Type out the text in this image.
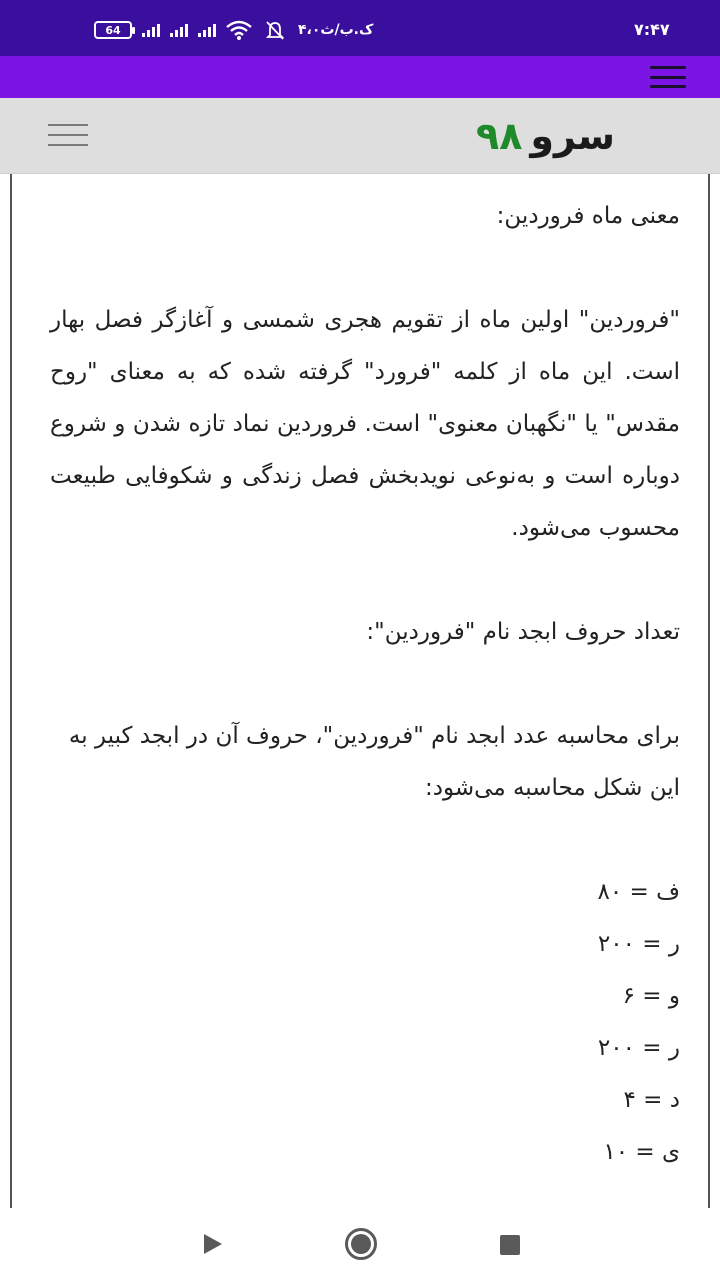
64	۴،۰ک.ب/ث	۷:۴۷
سرو
۹۸

معنی ماه فروردین:

"فروردین" اولین ماه از تقویم هجری شمسی و آغازگر فصل بهار است. این ماه از کلمه "فرورد" گرفته شده که به معنای "روح مقدس" یا "نگهبان معنوی" است. فروردین نماد تازه شدن و شروع دوباره است و به‌نوعی نویدبخش فصل زندگی و شکوفایی طبیعت محسوب می‌شود.

تعداد حروف ابجد نام "فروردین":

برای محاسبه عدد ابجد نام "فروردین"، حروف آن در ابجد کبیر به این شکل محاسبه می‌شود:

ف = ۸۰
ر = ۲۰۰
و = ۶
ر = ۲۰۰
د = ۴
ی = ۱۰
